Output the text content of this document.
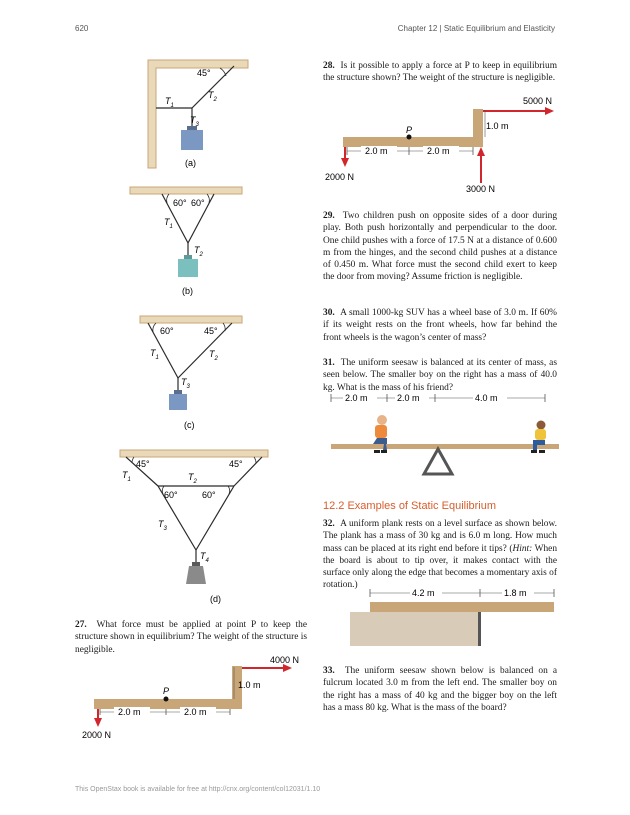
620	Chapter 12 | Static Equilibrium and Elasticity
45°
$T_1$
$T_2$
$T_3$
(a)
60° 60°
$T_1$
$T_2$
(b)
60°	45°
$T_1$	$T_2$
$T_3$
(c)
45°	45°
60°	60°
$T_1$	$T_2$
$T_3$
$T_4$
(d)

27. What force must be applied at point P to keep the structure shown in equilibrium? The weight of the structure is negligible.

4000 N
2000 N
1.0 m
2.0 m	2.0 m
P

28. Is it possible to apply a force at P to keep in equilibrium the structure shown? The weight of the structure is negligible.

5000 N
2000 N
3000 N
1.0 m
2.0 m	2.0 m
P

29. Two children push on opposite sides of a door during play. Both push horizontally and perpendicular to the door. One child pushes with a force of 17.5 N at a distance of 0.600 m from the hinges, and the second child pushes at a distance of 0.450 m. What force must the second child exert to keep the door from moving? Assume friction is negligible.

30. A small 1000-kg SUV has a wheel base of 3.0 m. If 60% if its weight rests on the front wheels, how far behind the front wheels is the wagon’s center of mass?

31. The uniform seesaw is balanced at its center of mass, as seen below. The smaller boy on the right has a mass of 40.0 kg. What is the mass of his friend?

2.0 m	2.0 m	4.0 m
12.2 Examples of Static Equilibrium

32. A uniform plank rests on a level surface as shown below. The plank has a mass of 30 kg and is 6.0 m long. How much mass can be placed at its right end before it tips? (Hint: When the board is about to tip over, it makes contact with the surface only along the edge that becomes a momentary axis of rotation.)

4.2 m	1.8 m

33. The uniform seesaw shown below is balanced on a fulcrum located 3.0 m from the left end. The smaller boy on the right has a mass of 40 kg and the bigger boy on the left has a mass 80 kg. What is the mass of the board?

This OpenStax book is available for free at http://cnx.org/content/col12031/1.10
